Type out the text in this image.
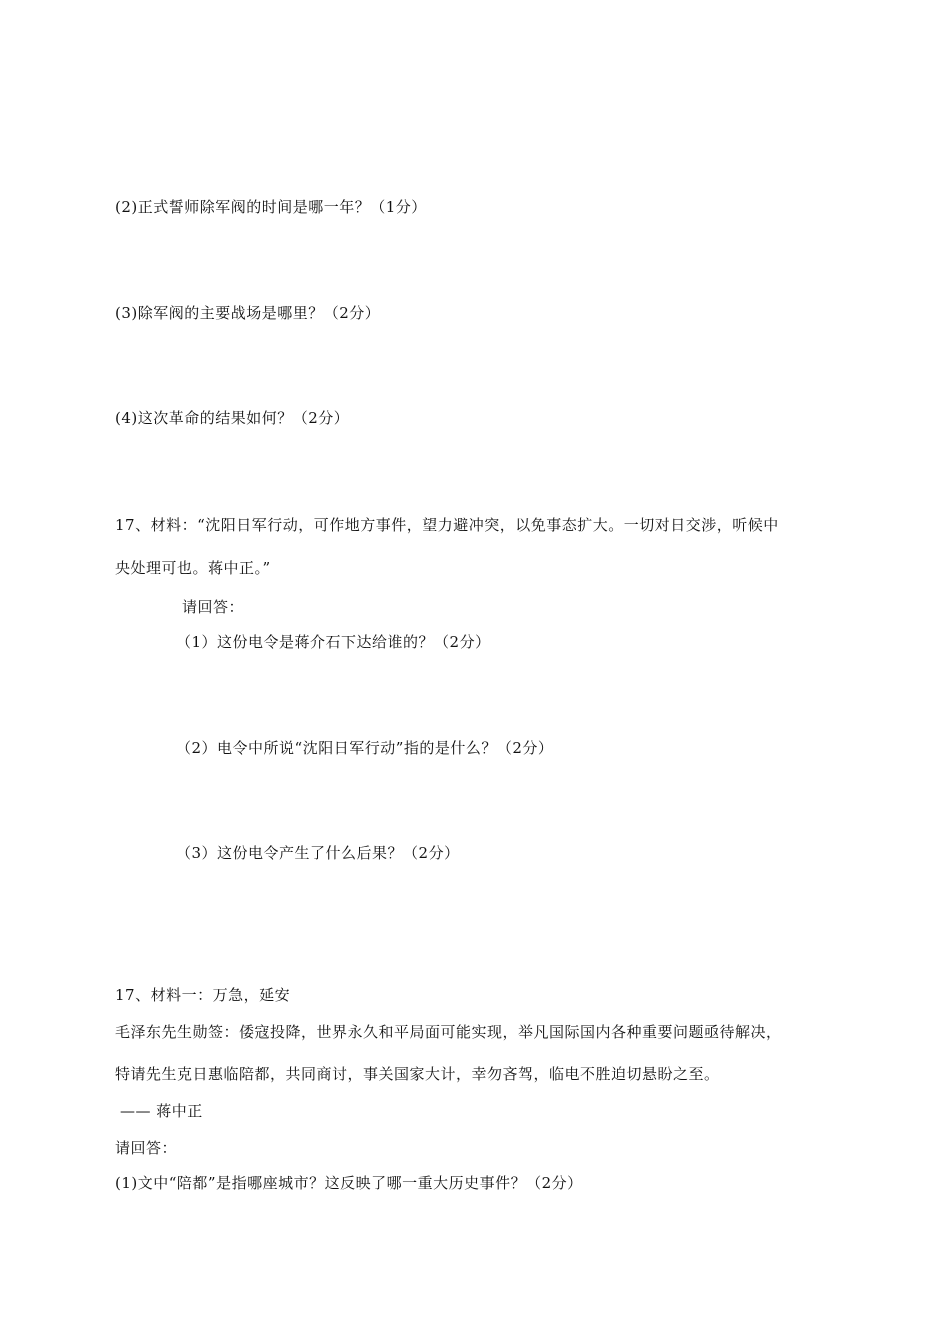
(2)正式誓师除军阀的时间是哪一年？（1分）
(3)除军阀的主要战场是哪里？（2分）
(4)这次革命的结果如何？（2分）
17、材料：“沈阳日军行动，可作地方事件，望力避冲突，以免事态扩大。一切对日交涉，听候中
央处理可也。蒋中正。”
请回答：
（1）这份电令是蒋介石下达给谁的？（2分）
（2）电令中所说“沈阳日军行动”指的是什么？（2分）
（3）这份电令产生了什么后果？（2分）
17、材料一：万急，延安
毛泽东先生勋签：倭寇投降，世界永久和平局面可能实现，举凡国际国内各种重要问题亟待解决，
特请先生克日惠临陪都，共同商讨，事关国家大计，幸勿吝驾，临电不胜迫切悬盼之至。
—— 蒋中正
请回答：
(1)文中“陪都”是指哪座城市？这反映了哪一重大历史事件？（2分）
